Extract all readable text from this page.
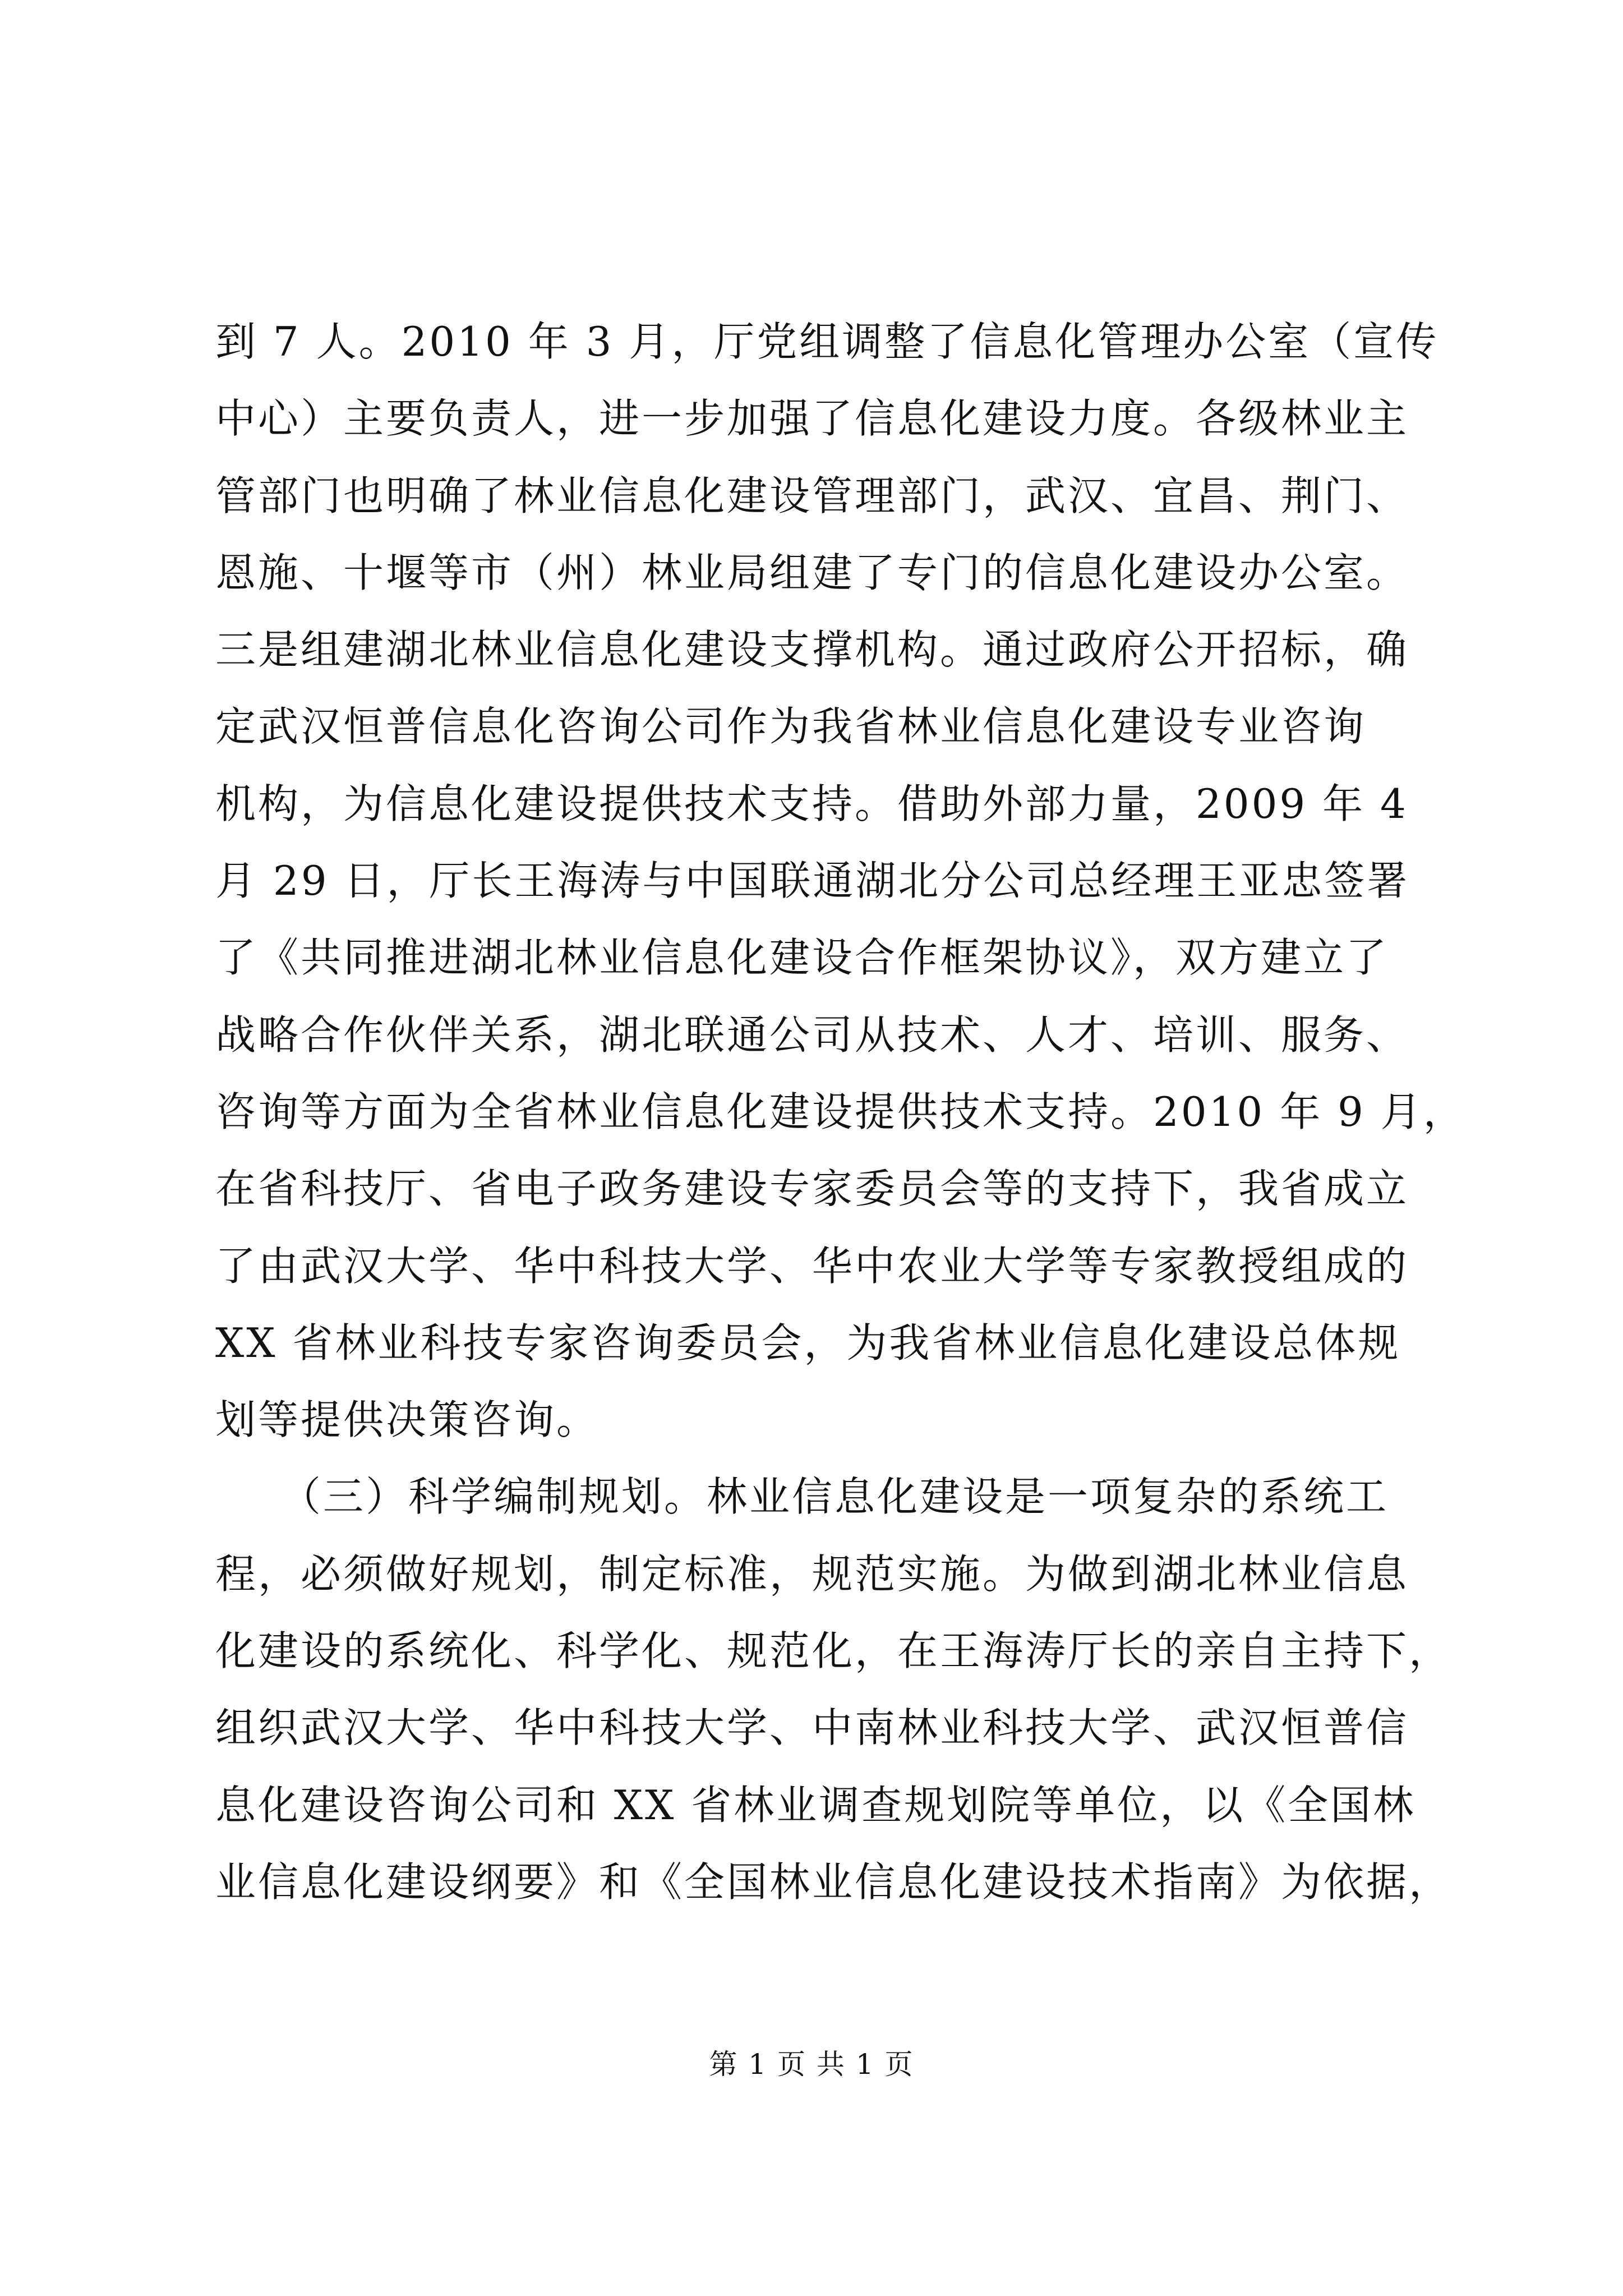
到 7 人。2010 年 3 月，厅党组调整了信息化管理办公室（宣传
中心）主要负责人，进一步加强了信息化建设力度。各级林业主
管部门也明确了林业信息化建设管理部门，武汉、宜昌、荆门、
恩施、十堰等市（州）林业局组建了专门的信息化建设办公室。
三是组建湖北林业信息化建设支撑机构。通过政府公开招标，确
定武汉恒普信息化咨询公司作为我省林业信息化建设专业咨询
机构，为信息化建设提供技术支持。借助外部力量，2009 年 4
月 29 日，厅长王海涛与中国联通湖北分公司总经理王亚忠签署
了《共同推进湖北林业信息化建设合作框架协议》，双方建立了
战略合作伙伴关系，湖北联通公司从技术、人才、培训、服务、
咨询等方面为全省林业信息化建设提供技术支持。2010 年 9 月，
在省科技厅、省电子政务建设专家委员会等的支持下，我省成立
了由武汉大学、华中科技大学、华中农业大学等专家教授组成的
XX 省林业科技专家咨询委员会，为我省林业信息化建设总体规
划等提供决策咨询。
　　（三）科学编制规划。林业信息化建设是一项复杂的系统工
程，必须做好规划，制定标准，规范实施。为做到湖北林业信息
化建设的系统化、科学化、规范化，在王海涛厅长的亲自主持下，
组织武汉大学、华中科技大学、中南林业科技大学、武汉恒普信
息化建设咨询公司和 XX 省林业调查规划院等单位，以《全国林
业信息化建设纲要》和《全国林业信息化建设技术指南》为依据，
第 1 页 共 1 页
